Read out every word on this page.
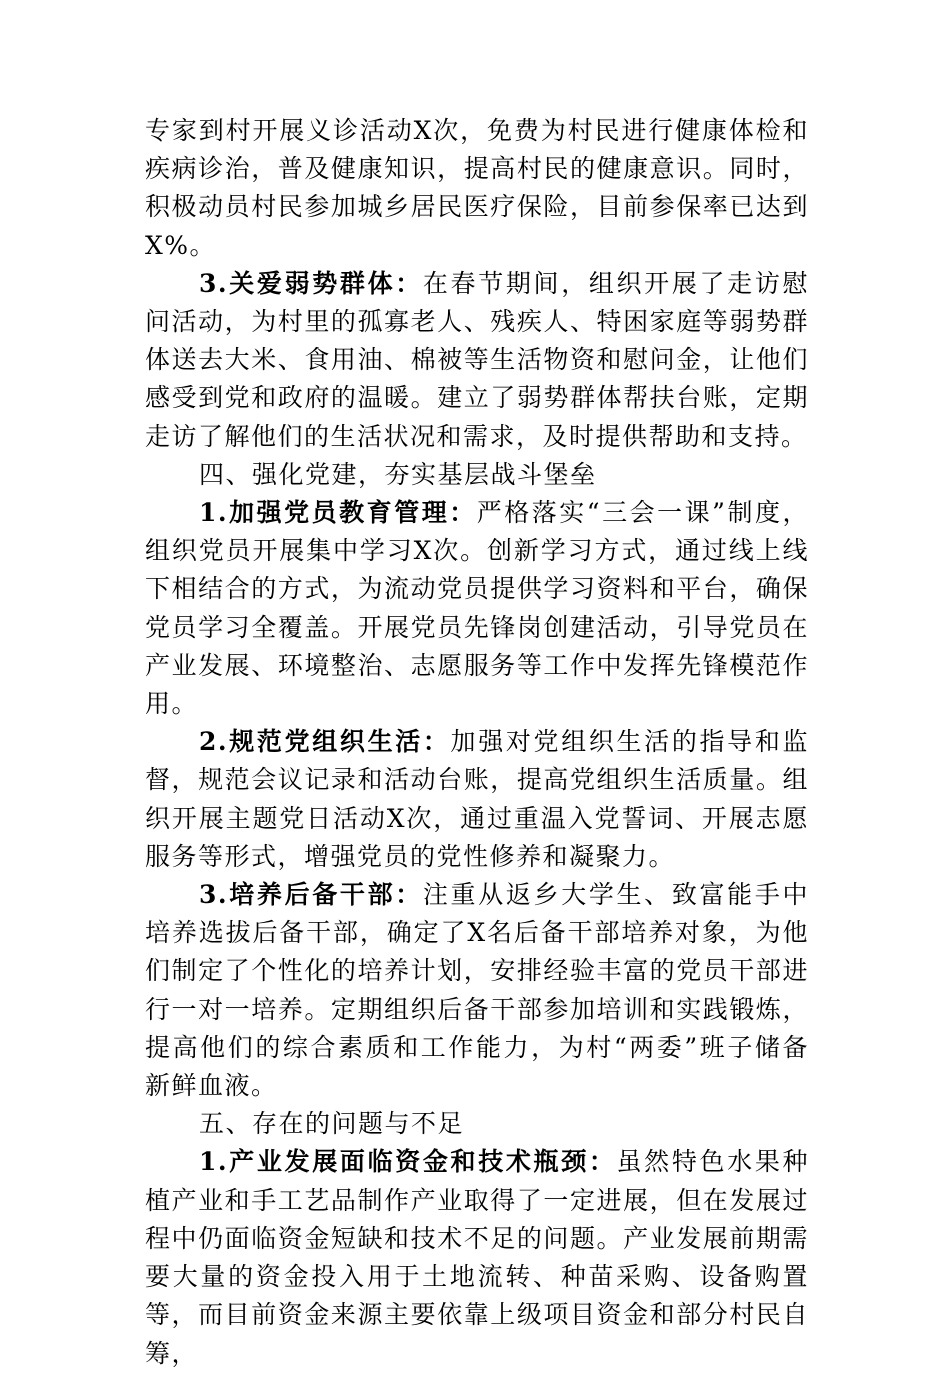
专家到村开展义诊活动X次，免费为村民进行健康体检和疾病诊治，普及健康知识，提高村民的健康意识。同时，积极动员村民参加城乡居民医疗保险，目前参保率已达到X%。

3.关爱弱势群体：在春节期间，组织开展了走访慰问活动，为村里的孤寡老人、残疾人、特困家庭等弱势群体送去大米、食用油、棉被等生活物资和慰问金，让他们感受到党和政府的温暖。建立了弱势群体帮扶台账，定期走访了解他们的生活状况和需求，及时提供帮助和支持。

四、强化党建，夯实基层战斗堡垒

1.加强党员教育管理：严格落实“三会一课”制度，组织党员开展集中学习X次。创新学习方式，通过线上线下相结合的方式，为流动党员提供学习资料和平台，确保党员学习全覆盖。开展党员先锋岗创建活动，引导党员在产业发展、环境整治、志愿服务等工作中发挥先锋模范作用。

2.规范党组织生活：加强对党组织生活的指导和监督，规范会议记录和活动台账，提高党组织生活质量。组织开展主题党日活动X次，通过重温入党誓词、开展志愿服务等形式，增强党员的党性修养和凝聚力。

3.培养后备干部：注重从返乡大学生、致富能手中培养选拔后备干部，确定了X名后备干部培养对象，为他们制定了个性化的培养计划，安排经验丰富的党员干部进行一对一培养。定期组织后备干部参加培训和实践锻炼，提高他们的综合素质和工作能力，为村“两委”班子储备新鲜血液。

五、存在的问题与不足

1.产业发展面临资金和技术瓶颈：虽然特色水果种植产业和手工艺品制作产业取得了一定进展，但在发展过程中仍面临资金短缺和技术不足的问题。产业发展前期需要大量的资金投入用于土地流转、种苗采购、设备购置等，而目前资金来源主要依靠上级项目资金和部分村民自筹，
